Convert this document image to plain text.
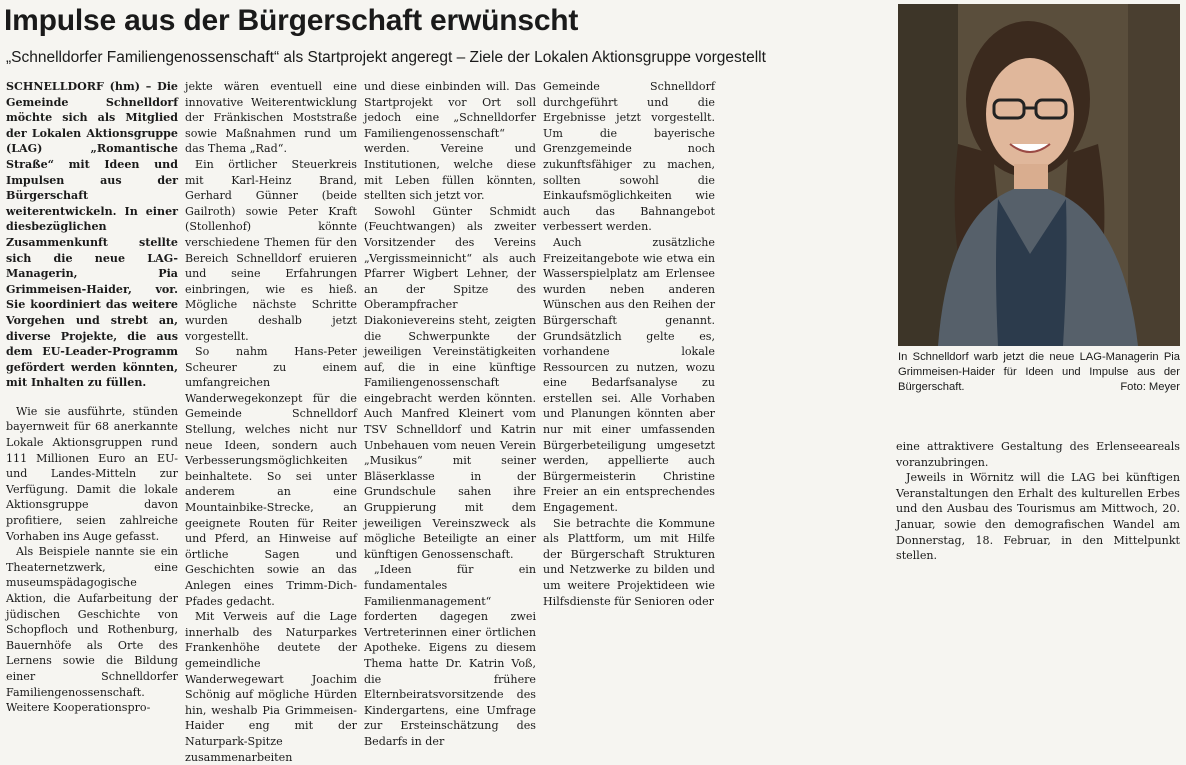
Impulse aus der Bürgerschaft erwünscht
„Schnelldorfer Familiengenossenschaft“ als Startprojekt angeregt – Ziele der Lokalen Aktionsgruppe vorgestellt

SCHNELLDORF (hm) – Die Gemeinde Schnelldorf möchte sich als Mitglied der Lokalen Aktionsgruppe (LAG) „Romantische Straße“ mit Ideen und Impulsen aus der Bürgerschaft weiterentwickeln. In einer diesbezüglichen Zusammenkunft stellte sich die neue LAG-Managerin, Pia Grimmeisen-Haider, vor. Sie koordiniert das weitere Vorgehen und strebt an, diverse Projekte, die aus dem EU-Leader-Programm gefördert werden könnten, mit Inhalten zu füllen.

Wie sie ausführte, stünden bayernweit für 68 anerkannte Lokale Aktionsgruppen rund 111 Millionen Euro an EU- und Landes-Mitteln zur Verfügung. Damit die lokale Aktionsgruppe davon profitiere, seien zahlreiche Vorhaben ins Auge gefasst.

Als Beispiele nannte sie ein Theaternetzwerk, eine museumspädagogische Aktion, die Aufarbeitung der jüdischen Geschichte von Schopfloch und Rothenburg, Bauernhöfe als Orte des Lernens sowie die Bildung einer Schnelldorfer Familiengenossenschaft. Weitere Kooperationspro-

jekte wären eventuell eine innovative Weiterentwicklung der Fränkischen Moststraße sowie Maßnahmen rund um das Thema „Rad“.

Ein örtlicher Steuerkreis mit Karl-Heinz Brand, Gerhard Günner (beide Gailroth) sowie Peter Kraft (Stollenhof) könnte verschiedene Themen für den Bereich Schnelldorf eruieren und seine Erfahrungen einbringen, wie es hieß. Mögliche nächste Schritte wurden deshalb jetzt vorgestellt.

So nahm Hans-Peter Scheurer zu einem umfangreichen Wanderwegekonzept für die Gemeinde Schnelldorf Stellung, welches nicht nur neue Ideen, sondern auch Verbesserungsmöglichkeiten beinhaltete. So sei unter anderem an eine Mountainbike-Strecke, an geeignete Routen für Reiter und Pferd, an Hinweise auf örtliche Sagen und Geschichten sowie an das Anlegen eines Trimm-Dich-Pfades gedacht.

Mit Verweis auf die Lage innerhalb des Naturparkes Frankenhöhe deutete der gemeindliche Wanderwegewart Joachim Schönig auf mögliche Hürden hin, weshalb Pia Grimmeisen-Haider eng mit der Naturpark-Spitze zusammenarbeiten

und diese einbinden will. Das Startprojekt vor Ort soll jedoch eine „Schnelldorfer Familiengenossenschaft“ werden. Vereine und Institutionen, welche diese mit Leben füllen könnten, stellten sich jetzt vor.

Sowohl Günter Schmidt (Feuchtwangen) als zweiter Vorsitzender des Vereins „Vergissmeinnicht“ als auch Pfarrer Wigbert Lehner, der an der Spitze des Oberampfracher Diakonievereins steht, zeigten die Schwerpunkte der jeweiligen Vereinstätigkeiten auf, die in eine künftige Familiengenossenschaft eingebracht werden könnten. Auch Manfred Kleinert vom TSV Schnelldorf und Katrin Unbehauen vom neuen Verein „Musikus“ mit seiner Bläserklasse in der Grundschule sahen ihre Gruppierung mit dem jeweiligen Vereinszweck als mögliche Beteiligte an einer künftigen Genossenschaft.

„Ideen für ein fundamentales Familienmanagement“ forderten dagegen zwei Vertreterinnen einer örtlichen Apotheke. Eigens zu diesem Thema hatte Dr. Katrin Voß, die frühere Elternbeiratsvorsitzende des Kindergartens, eine Umfrage zur Ersteinschätzung des Bedarfs in der

Gemeinde Schnelldorf durchgeführt und die Ergebnisse jetzt vorgestellt. Um die bayerische Grenzgemeinde noch zukunftsfähiger zu machen, sollten sowohl die Einkaufsmöglichkeiten wie auch das Bahnangebot verbessert werden.

Auch zusätzliche Freizeitangebote wie etwa ein Wasserspielplatz am Erlensee wurden neben anderen Wünschen aus den Reihen der Bürgerschaft genannt. Grundsätzlich gelte es, vorhandene lokale Ressourcen zu nutzen, wozu eine Bedarfsanalyse zu erstellen sei. Alle Vorhaben und Planungen könnten aber nur mit einer umfassenden Bürgerbeteiligung umgesetzt werden, appellierte auch Bürgermeisterin Christine Freier an ein entsprechendes Engagement.

Sie betrachte die Kommune als Plattform, um mit Hilfe der Bürgerschaft Strukturen und Netzwerke zu bilden und um weitere Projektideen wie Hilfsdienste für Senioren oder

eine attraktivere Gestaltung des Erlenseeareals voranzubringen.

Jeweils in Wörnitz will die LAG bei künftigen Veranstaltungen den Erhalt des kulturellen Erbes und den Ausbau des Tourismus am Mittwoch, 20. Januar, sowie den demografischen Wandel am Donnerstag, 18. Februar, in den Mittelpunkt stellen.

In Schnelldorf warb jetzt die neue LAG-Managerin Pia Grimmeisen-Haider für Ideen und Impulse aus der Bürgerschaft.	Foto: Meyer
